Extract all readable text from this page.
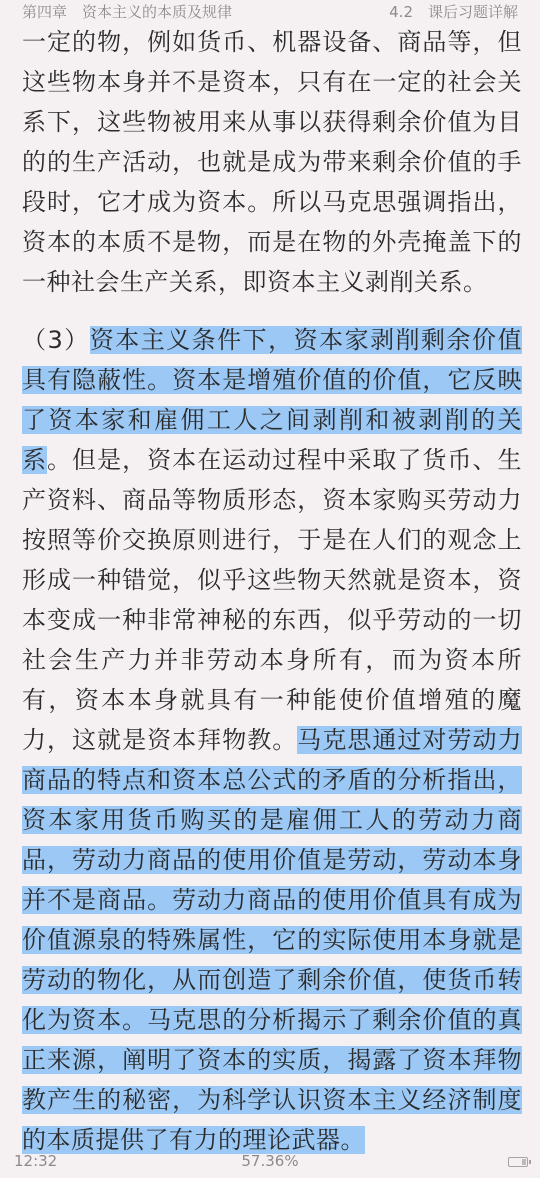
第四章　资本主义的本质及规律	4.2　课后习题详解

一定的物，例如货币、机器设备、商品等，但这些物本身并不是资本，只有在一定的社会关系下，这些物被用来从事以获得剩余价值为目的的生产活动，也就是成为带来剩余价值的手段时，它才成为资本。所以马克思强调指出，资本的本质不是物，而是在物的外壳掩盖下的一种社会生产关系，即资本主义剥削关系。

（3）资本主义条件下，资本家剥削剩余价值具有隐蔽性。资本是增殖价值的价值，它反映了资本家和雇佣工人之间剥削和被剥削的关系。但是，资本在运动过程中采取了货币、生产资料、商品等物质形态，资本家购买劳动力按照等价交换原则进行，于是在人们的观念上形成一种错觉，似乎这些物天然就是资本，资本变成一种非常神秘的东西，似乎劳动的一切社会生产力并非劳动本身所有，而为资本所有，资本本身就具有一种能使价值增殖的魔力，这就是资本拜物教。马克思通过对劳动力商品的特点和资本总公式的矛盾的分析指出，资本家用货币购买的是雇佣工人的劳动力商品，劳动力商品的使用价值是劳动，劳动本身并不是商品。劳动力商品的使用价值具有成为价值源泉的特殊属性，它的实际使用本身就是劳动的物化，从而创造了剩余价值，使货币转化为资本。马克思的分析揭示了剩余价值的真正来源，阐明了资本的实质，揭露了资本拜物教产生的秘密，为科学认识资本主义经济制度的本质提供了有力的理论武器。

12:32	57.36%
